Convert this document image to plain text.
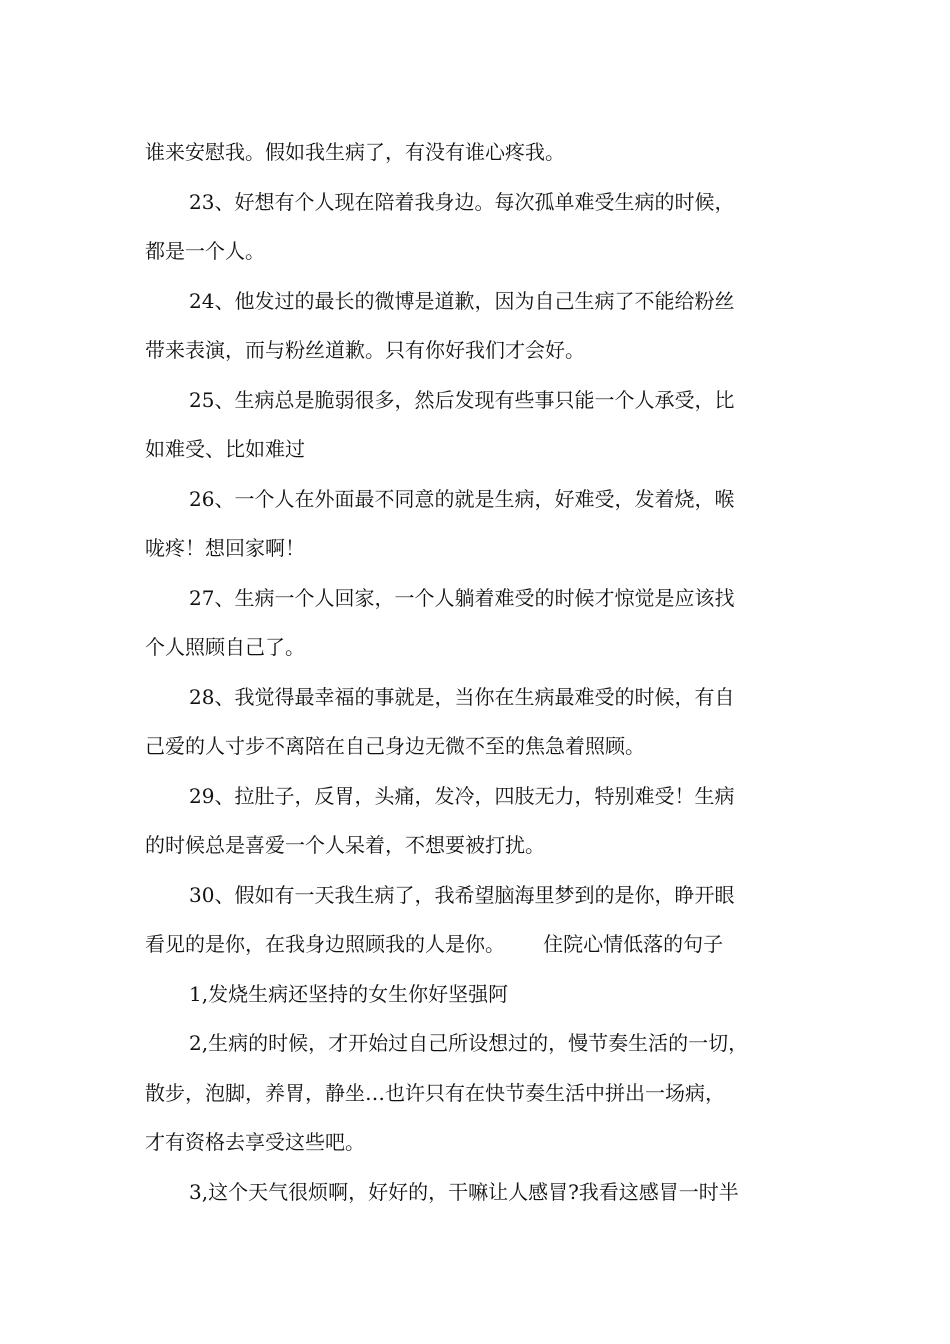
谁来安慰我。假如我生病了，有没有谁心疼我。
23、好想有个人现在陪着我身边。每次孤单难受生病的时候，
都是一个人。
24、他发过的最长的微博是道歉，因为自己生病了不能给粉丝
带来表演，而与粉丝道歉。只有你好我们才会好。
25、生病总是脆弱很多，然后发现有些事只能一个人承受，比
如难受、比如难过
26、一个人在外面最不同意的就是生病，好难受，发着烧，喉
咙疼！想回家啊！
27、生病一个人回家，一个人躺着难受的时候才惊觉是应该找
个人照顾自己了。
28、我觉得最幸福的事就是，当你在生病最难受的时候，有自
己爱的人寸步不离陪在自己身边无微不至的焦急着照顾。
29、拉肚子，反胃，头痛，发冷，四肢无力，特别难受！生病
的时候总是喜爱一个人呆着，不想要被打扰。
30、假如有一天我生病了，我希望脑海里梦到的是你，睁开眼
看见的是你，在我身边照顾我的人是你。      住院心情低落的句子
1,发烧生病还坚持的女生你好坚强阿
2,生病的时候，才开始过自己所设想过的，慢节奏生活的一切，
散步，泡脚，养胃，静坐…也许只有在快节奏生活中拼出一场病，
才有资格去享受这些吧。
3,这个天气很烦啊，好好的，干嘛让人感冒?我看这感冒一时半
